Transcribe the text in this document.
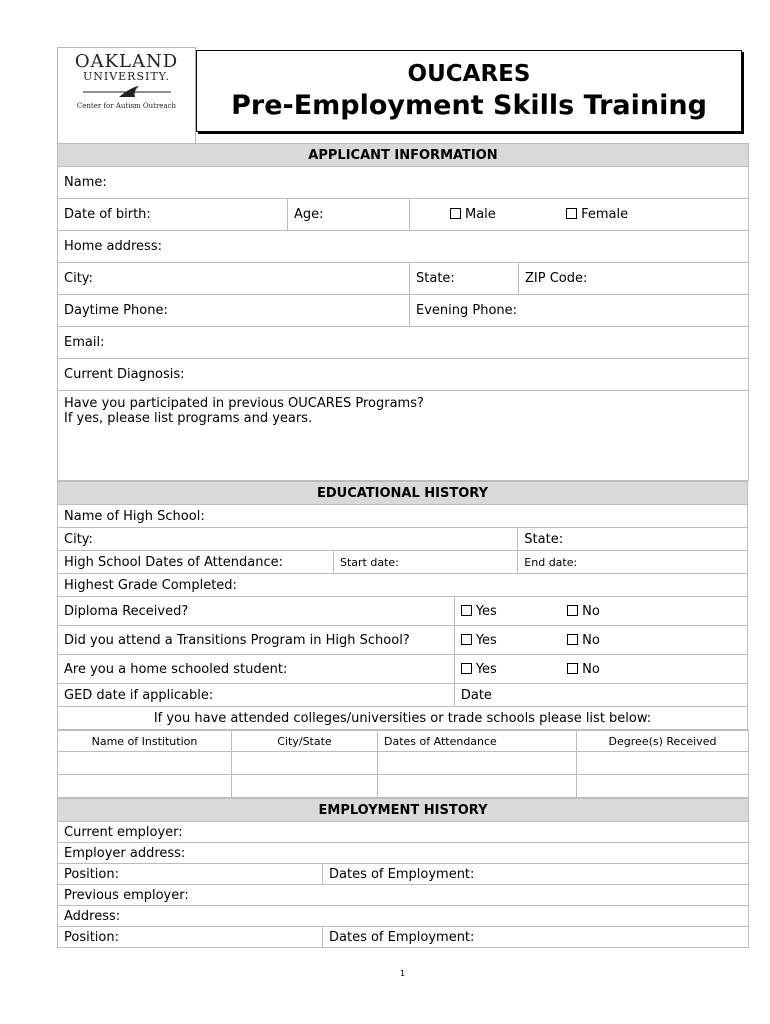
OAKLAND
UNIVERSITY.
Center for Autism Outreach
OUCARES
Pre-Employment Skills Training
APPLICANT INFORMATION			
Name:			
Date of birth:	Age:	Male Female	
Home address:			
City:		State:	ZIP Code:
Daytime Phone:		Evening Phone:	
Email:			
Current Diagnosis:			

Have you participated in previous OUCARES Programs?
If yes, please list programs and years.			
EDUCATIONAL HISTORY			
Name of High School:			
City:			State:
High School Dates of Attendance:	Start date:		End date:
Highest Grade Completed:			
Diploma Received?		Yes No	
Did you attend a Transitions Program in High School?		Yes No	
Are you a home schooled student:		Yes No	
GED date if applicable:		Date	
If you have attended colleges/universities or trade schools please list below:			
Name of Institution	City/State	Dates of Attendance	Degree(s) Received

EMPLOYMENT HISTORY	
Current employer:	
Employer address:	
Position:	Dates of Employment:
Previous employer:	
Address:	
Position:	Dates of Employment:
1
